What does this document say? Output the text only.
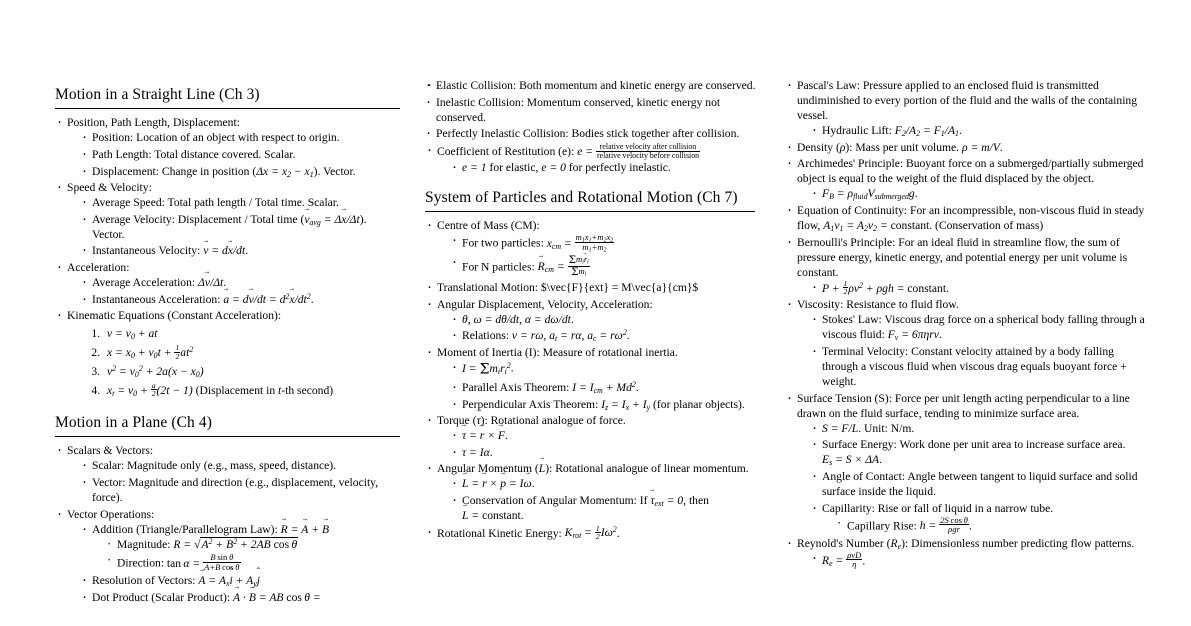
Motion in a Straight Line (Ch 3)
· Position, Path Length, Displacement:
· Position: Location of an object with respect to origin.
· Path Length: Total distance covered. Scalar.
· Displacement: Change in position $(\Delta x = x_2 - x_1)$. Vector.
· Speed & Velocity:
· Average Speed: Total path length / Total time. Scalar.
· Average Velocity: Displacement / Total time $(v \to_{avg} = \Delta x \to/\Delta t)$. Vector.
· Instantaneous Velocity: v → = dx →/dt.
· Acceleration:
· Average Acceleration: Δv →/Δt.
· Instantaneous Acceleration: a → = dv $\to/dt = d^2x \to/dt^2$.
· Kinematic Equations (Constant Acceleration):
1. $v = v_0$ + at
2. $x = x_0 + v_0t + \frac{1}{2} at^2$
3. $v^2 = v_0^2 + 2a(x - x_0)$
4. $x_t = v_0 + \frac{a}{2} (2t - 1)$ (Displacement in t-th second)
Motion in a Plane (Ch 4)
· Scalars & Vectors:
· Scalar: Magnitude only (e.g., mass, speed, distance).
· Vector: Magnitude and direction (e.g., displacement, velocity, force).
· Vector Operations:
· Addition (Triangle/Parallelogram Law): R → = A → + B →
· Magnitude: $R = √A^2 + B^2 + 2AB$ cos  θ
· Direction: $\tan \alpha = \frac{\text{B  sin  θ}}{\text{A+B  cos  θ}}$
· Resolution of Vectors: A → = $A_xi$ ˆ + $A_yj$ ˆ
· Dot Product (Scalar Product): A → · B → = AB cos  θ =
· · Elastic Collision: Both momentum and kinetic energy are conserved.
· Inelastic Collision: Momentum conserved, kinetic energy not conserved.
· Perfectly Inelastic Collision: Bodies stick together after collision.
· Coefficient of Restitution (e): $e = \frac{\text{relative velocity after collision}}{\text{relative velocity before collision}}$
· e = 1 for elastic, e = 0 for perfectly inelastic.
System of Particles and Rotational Motion (Ch 7)
· Centre of Mass (CM):
· For two particles: $x_{cm} = \frac{m_1x_1+m_2x_2}{m_1+m_2}$
· For N particles: $R \to_{cm} = \frac{\Sigma m_ir \to_i}{\Sigma m_i}$
· Translational Motion: $\vec{F}{ext} = M\vec{a}{cm}$
· Angular Displacement, Velocity, Acceleration:
· θ, ω = dθ/dt, α = dω/dt.
· Relations: v = rω, $a_t = r\alpha$, $a_c = r\omega^2$.
· Moment of Inertia (I): Measure of rotational inertia.
· $I = \Sigma m_ir_i^2$.
· Parallel Axis Theorem: $I = I_{cm} + Md^2$.
· Perpendicular Axis Theorem: $I_z = I_x + I_y$ (for planar objects).
· Torque (τ →): Rotational analogue of force.
· τ → = r → × F →.
· τ = Iα.
· Angular Momentum (L →): Rotational analogue of linear momentum.
· L → = r → × p → = Iω →.
· Conservation of Angular Momentum: If $\tau \to_{ext} = 0$, then L → = constant.
· Rotational Kinetic Energy: $K_{rot} = \frac{1}{2} I\omega^2$.
· Pascal's Law: Pressure applied to an enclosed fluid is transmitted undiminished to every portion of the fluid and the walls of the containing vessel.
· Hydraulic Lift: $F_2/A_2 = F_1/A_1$.
· Density (ρ): Mass per unit volume. ρ = m/V.
· Archimedes' Principle: Buoyant force on a submerged/partially submerged object is equal to the weight of the fluid displaced by the object.
· $F_B = \rho_{fluid}V_{submerged}g$.
· Equation of Continuity: For an incompressible, non-viscous fluid in steady flow, $A_1v_1 = A_2v_2$ = constant. (Conservation of mass)
· Bernoulli's Principle: For an ideal fluid in streamline flow, the sum of pressure energy, kinetic energy, and potential energy per unit volume is constant.
· $P + \frac{1}{2} \rho v^2 + \rho gh$ = constant.
· Viscosity: Resistance to fluid flow.
· Stokes' Law: Viscous drag force on a spherical body falling through a viscous fluid: $F_v = 6\pi\eta rv$.
· Terminal Velocity: Constant velocity attained by a body falling through a viscous fluid when viscous drag equals buoyant force + weight.
· Surface Tension (S): Force per unit length acting perpendicular to a line drawn on the fluid surface, tending to minimize surface area.
· S = F/L. Unit: N/m.
· Surface Energy: Work done per unit area to increase surface area. $E_s = S \times \Delta A$.
· Angle of Contact: Angle between tangent to liquid surface and solid surface inside the liquid.
· Capillarity: Rise or fall of liquid in a narrow tube.
· Capillary Rise: $h = \frac{\text{2S  cos  θ}}{\text{ρgr}}$ .
· Reynold's Number $(R_e)$: Dimensionless number predicting flow patterns.
· $R_e = \frac{\text{ρvD}}{\eta}$ .
